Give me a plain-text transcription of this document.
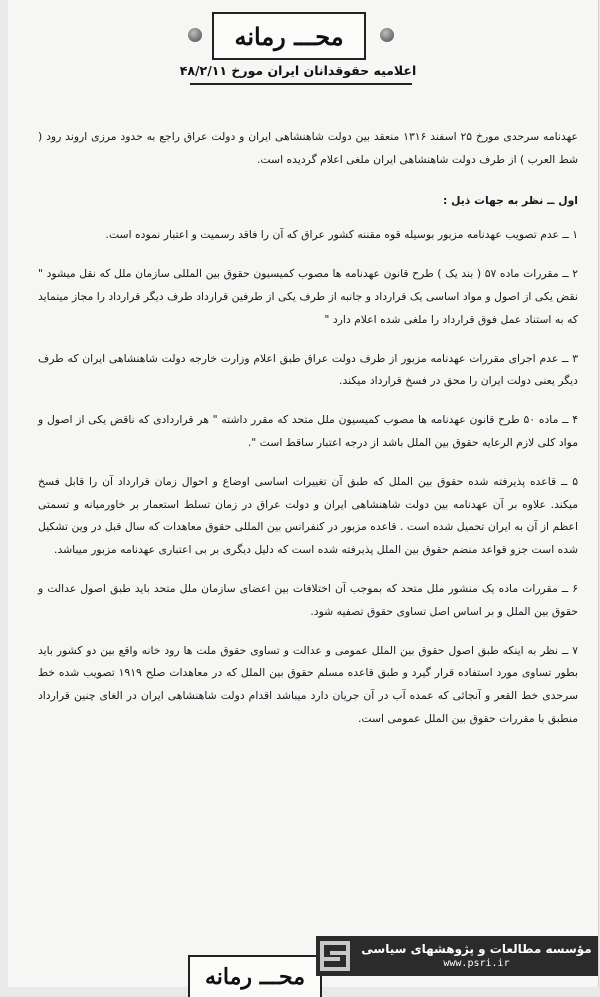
محـــ رمانه
اعلامیه حقوقدانان ایران مورخ ۴۸/۲/۱۱

عهدنامه سرحدی مورخ ۲۵ اسفند ۱۳۱۶ منعقد بین دولت شاهنشاهی ایران و دولت عراق راجع به حدود مرزی اروند رود ( شط العرب ) از طرف دولت شاهنشاهی ایران ملغی اعلام گردیده است.

اول ــ نظر به جهات ذیل :

۱ ــ عدم تصویب عهدنامه مزبور بوسیله قوه مقننه کشور عراق که آن را فاقد رسمیت و اعتبار نموده است.

۲ ــ مقررات ماده ۵۷ ( بند یک ) طرح قانون عهدنامه ها مصوب کمیسیون حقوق بین المللی سازمان ملل که نقل میشود " نقض یکی از اصول و مواد اساسی یک قرارداد و جانبه از طرف یکی از طرفین قرارداد طرف دیگر قرارداد را مجاز مینماید که به استناد عمل فوق قرارداد را ملغی شده اعلام دارد "

۳ ــ عدم اجرای مقررات عهدنامه مزبور از طرف دولت عراق طبق اعلام وزارت خارجه دولت شاهنشاهی ایران که طرف دیگر یعنی دولت ایران را محق در فسخ قرارداد میکند.

۴ ــ ماده ۵۰ طرح قانون عهدنامه ها مصوب کمیسیون ملل متحد که مقرر داشته " هر قراردادی که ناقض یکی از اصول و مواد کلی لازم الرعایه حقوق بین الملل باشد از درجه اعتبار ساقط است ".

۵ ــ قاعده پذیرفته شده حقوق بین الملل که طبق آن تغییرات اساسی اوضاع و احوال زمان قرارداد آن را قابل فسخ میکند. علاوه بر آن عهدنامه بین دولت شاهنشاهی ایران و دولت عراق در زمان تسلط استعمار بر خاورمیانه و تسمتی اعظم از آن به ایران تحمیل شده است . قاعده مزبور در کنفرانس بین المللی حقوق معاهدات که سال قبل در وین تشکیل شده است جزو قواعد منضم حقوق بین الملل پذیرفته شده است که دلیل دیگری بر بی اعتباری عهدنامه مزبور میباشد.

۶ ــ مقررات ماده یک منشور ملل متحد که بموجب آن اختلافات بین اعضای سازمان ملل متحد باید طبق اصول عدالت و حقوق بین الملل و بر اساس اصل تساوی حقوق تصفیه شود.

۷ ــ نظر به اینکه طبق اصول حقوق بین الملل عمومی و عدالت و تساوی حقوق ملت ها رود خانه واقع بین دو کشور باید بطور تساوی مورد استفاده قرار گیرد و طبق قاعده مسلم حقوق بین الملل که در معاهدات صلح ۱۹۱۹ تصویب شده خط سرحدی خط القعر و آنجائی که عمده آب در آن جریان دارد میباشد اقدام دولت شاهنشاهی ایران در الغای چنین قرارداد منطبق با مقررات حقوق بین الملل عمومی است.

محـــ رمانه
مؤسسه مطالعات و پژوهشهای سیاسی
www.psri.ir
